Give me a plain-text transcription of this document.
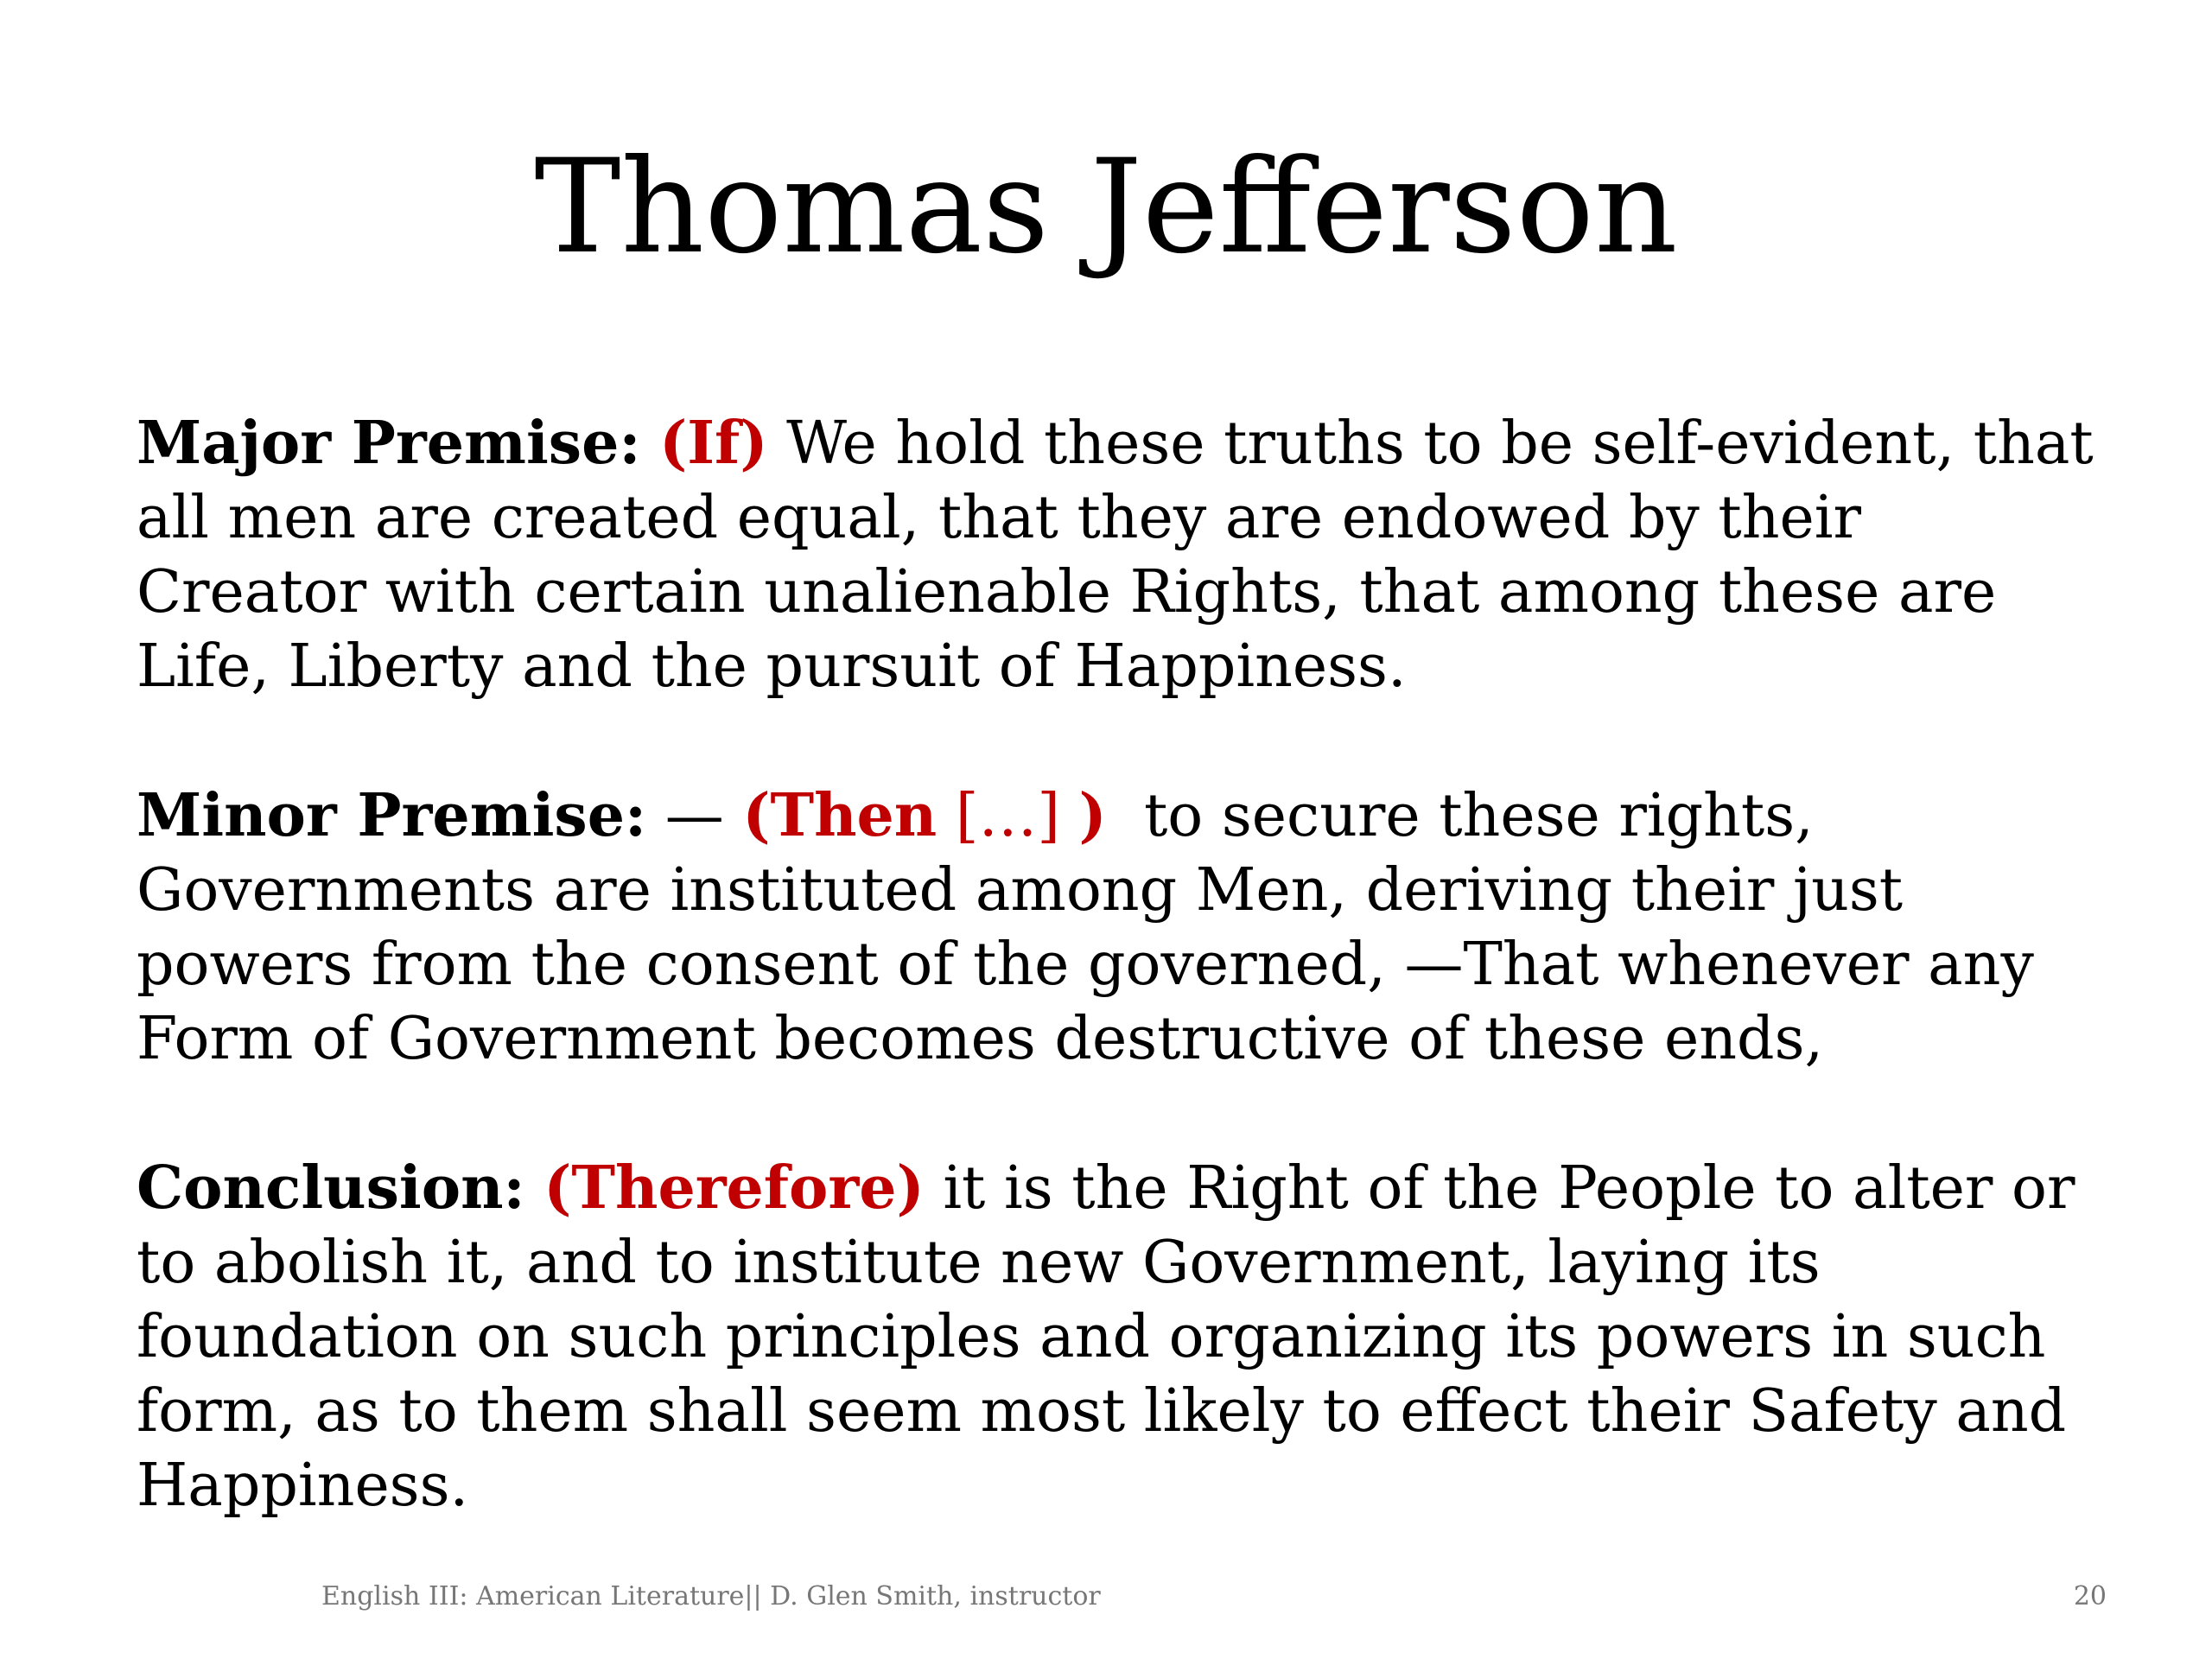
Thomas Jefferson

Major Premise: (If) We hold these truths to be self-evident, that all men are created equal, that they are endowed by their Creator with certain unalienable Rights, that among these are Life, Liberty and the pursuit of Happiness.

Minor Premise: — (Then […] ) to secure these rights, Governments are instituted among Men, deriving their just powers from the consent of the governed, —That whenever any Form of Government becomes destructive of these ends,

Conclusion: (Therefore) it is the Right of the People to alter or to abolish it, and to institute new Government, laying its foundation on such principles and organizing its powers in such form, as to them shall seem most likely to effect their Safety and Happiness.

English III: American Literature|| D. Glen Smith, instructor	20
